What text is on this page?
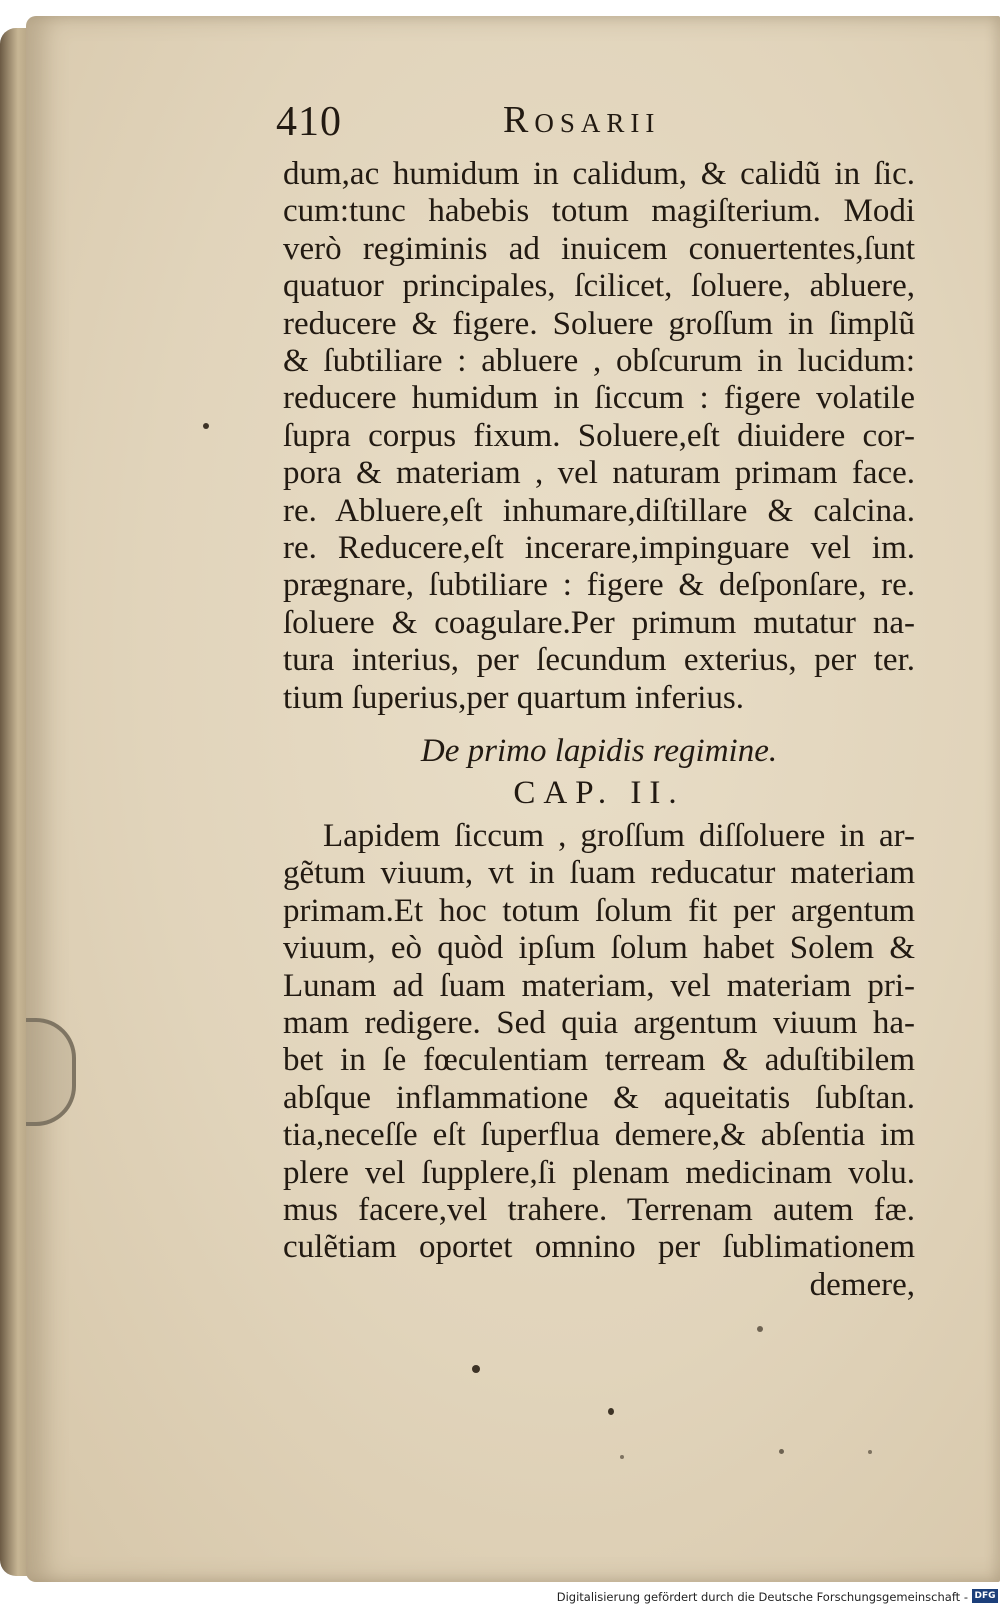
410	Rosarii
dum,ac humidum in calidum, & calidũ in ſic.
cum:tunc habebis totum magiſterium. Modi
verò regiminis ad inuicem conuertentes,ſunt
quatuor principales, ſcilicet, ſoluere, abluere,
reducere & figere. Soluere groſſum in ſimplũ
& ſubtiliare : abluere , obſcurum in lucidum:
reducere humidum in ſiccum : figere volatile
ſupra corpus fixum. Soluere,eſt diuidere cor-
pora & materiam , vel naturam primam face.
re. Abluere,eſt inhumare,diſtillare & calcina.
re. Reducere,eſt incerare,impinguare vel im.
prægnare, ſubtiliare : figere & deſponſare, re.
ſoluere & coagulare.Per primum mutatur na-
tura interius, per ſecundum exterius, per ter.
tium ſuperius,per quartum inferius.
De primo lapidis regimine.
CAP. II.
Lapidem ſiccum , groſſum diſſoluere in ar-
gẽtum viuum, vt in ſuam reducatur materiam
primam.Et hoc totum ſolum fit per argentum
viuum, eò quòd ipſum ſolum habet Solem &
Lunam ad ſuam materiam, vel materiam pri-
mam redigere. Sed quia argentum viuum ha-
bet in ſe fœculentiam terream & aduſtibilem
abſque inflammatione & aqueitatis ſubſtan.
tia,neceſſe eſt ſuperflua demere,& abſentia im
plere vel ſupplere,ſi plenam medicinam volu.
mus facere,vel trahere. Terrenam autem fæ.
culẽtiam oportet omnino per ſublimationem
demere,
Digitalisierung gefördert durch die Deutsche Forschungsgemeinschaft - DFG
